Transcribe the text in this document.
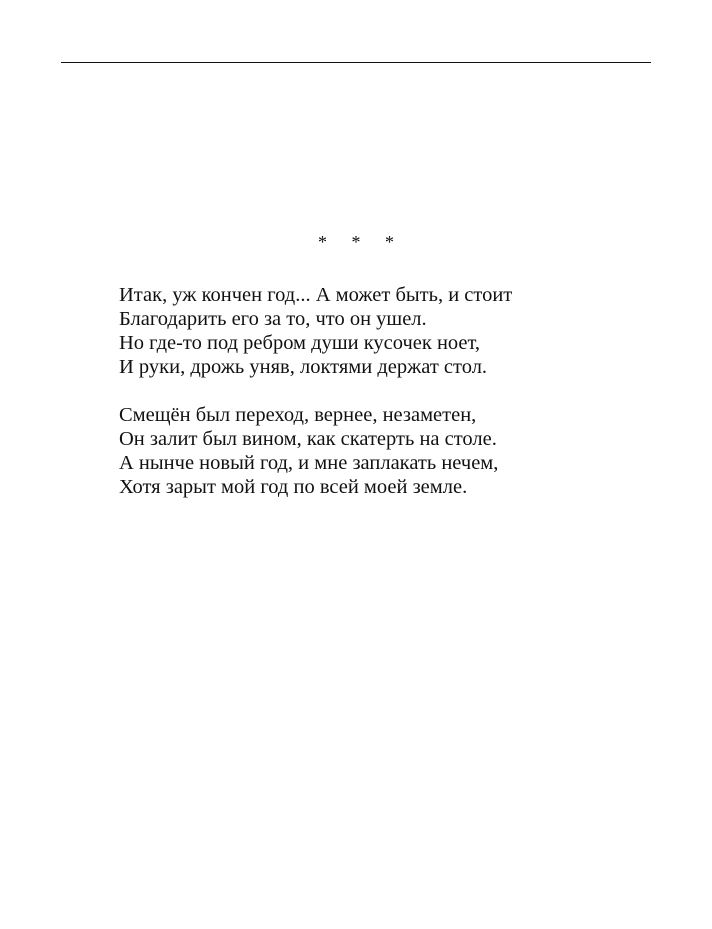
* * *

Итак, уж кончен год... А может быть, и стоит
Благодарить его за то, что он ушел.
Но где-то под ребром души кусочек ноет,
И руки, дрожь уняв, локтями держат стол.

Смещён был переход, вернее, незаметен,
Он залит был вином, как скатерть на столе.
А нынче новый год, и мне заплакать нечем,
Хотя зарыт мой год по всей моей земле.
